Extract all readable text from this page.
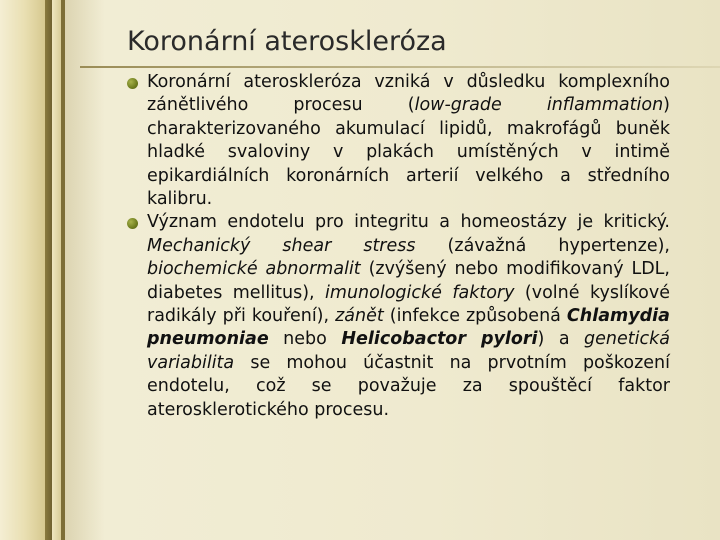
Koronární ateroskleróza

Koronární ateroskleróza vzniká v důsledku komplexního zánětlivého procesu (low-grade inflammation) charakterizovaného akumulací lipidů, makrofágů buněk hladké svaloviny v plakách umístěných v intimě epikardiálních koronárních arterií velkého a středního kalibru.

Význam endotelu pro integritu a homeostázy je kritický. Mechanický shear stress (závažná hypertenze), biochemické abnormalit (zvýšený nebo modifikovaný LDL, diabetes mellitus), imunologické faktory (volné kyslíkové radikály při kouření), zánět (infekce způsobená Chlamydia pneumoniae nebo Helicobactor pylori) a genetická variabilita se mohou účastnit na prvotním poškození endotelu, což se považuje za spouštěcí faktor aterosklerotického procesu.
